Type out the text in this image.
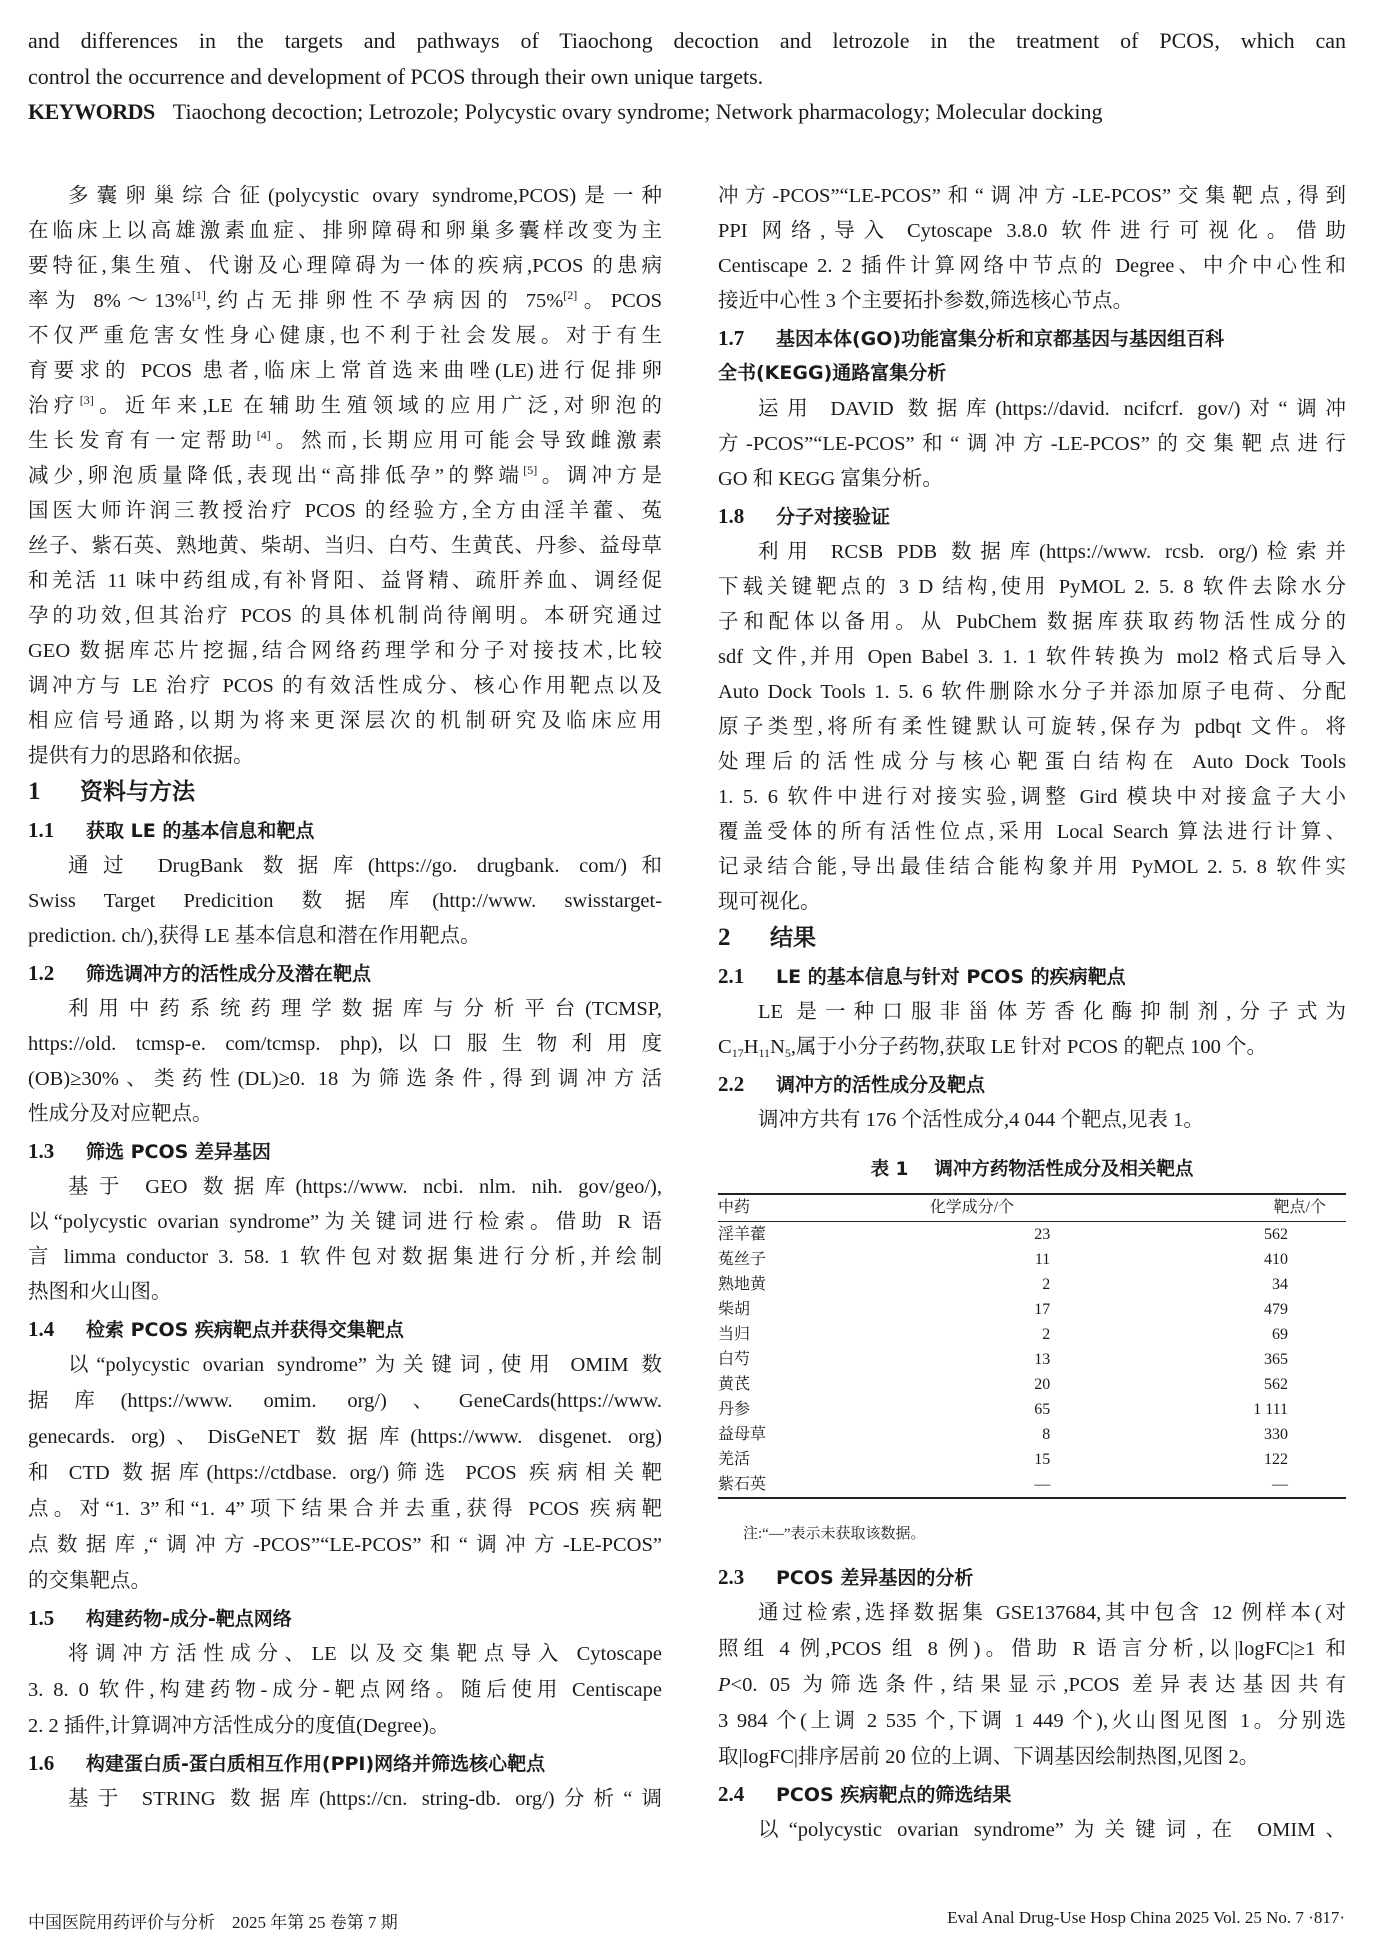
and differences in the targets and pathways of Tiaochong decoction and letrozole in the treatment of PCOS, which can
control the occurrence and development of PCOS through their own unique targets.
KEYWORDS Tiaochong decoction; Letrozole; Polycystic ovary syndrome; Network pharmacology; Molecular docking
多囊卵巢综合征(polycystic ovary syndrome,PCOS)是一种
在临床上以高雄激素血症、排卵障碍和卵巢多囊样改变为主
要特征,集生殖、代谢及心理障碍为一体的疾病,PCOS 的患病
率为 8%～13%[1],约占无排卵性不孕病因的 75%[2]。PCOS
不仅严重危害女性身心健康,也不利于社会发展。对于有生
育要求的 PCOS 患者,临床上常首选来曲唑(LE)进行促排卵
治疗[3]。近年来,LE 在辅助生殖领域的应用广泛,对卵泡的
生长发育有一定帮助[4]。然而,长期应用可能会导致雌激素
减少,卵泡质量降低,表现出“高排低孕”的弊端[5]。调冲方是
国医大师许润三教授治疗 PCOS 的经验方,全方由淫羊藿、菟
丝子、紫石英、熟地黄、柴胡、当归、白芍、生黄芪、丹参、益母草
和羌活 11 味中药组成,有补肾阳、益肾精、疏肝养血、调经促
孕的功效,但其治疗 PCOS 的具体机制尚待阐明。本研究通过
GEO 数据库芯片挖掘,结合网络药理学和分子对接技术,比较
调冲方与 LE 治疗 PCOS 的有效活性成分、核心作用靶点以及
相应信号通路,以期为将来更深层次的机制研究及临床应用
提供有力的思路和依据。
1 资料与方法
1.1 获取 LE 的基本信息和靶点
通过 DrugBank 数据库(https://go. drugbank. com/)和
Swiss Target Predicition 数据库(http://www. swisstarget-
prediction. ch/),获得 LE 基本信息和潜在作用靶点。
1.2 筛选调冲方的活性成分及潜在靶点
利用中药系统药理学数据库与分析平台(TCMSP,
https://old. tcmsp-e. com/tcmsp. php),以口服生物利用度
(OB)≥30%、类药性(DL)≥0. 18 为筛选条件,得到调冲方活
性成分及对应靶点。
1.3 筛选 PCOS 差异基因
基于 GEO 数据库(https://www. ncbi. nlm. nih. gov/geo/),
以“polycystic ovarian syndrome”为关键词进行检索。借助 R 语
言 limma conductor 3. 58. 1 软件包对数据集进行分析,并绘制
热图和火山图。
1.4 检索 PCOS 疾病靶点并获得交集靶点
以“polycystic ovarian syndrome”为关键词,使用 OMIM 数
据库(https://www. omim. org/)、GeneCards(https://www.
genecards. org)、DisGeNET 数据库(https://www. disgenet. org)
和 CTD 数据库(https://ctdbase. org/)筛选 PCOS 疾病相关靶
点。对“1. 3”和“1. 4”项下结果合并去重,获得 PCOS 疾病靶
点数据库,“调冲方-PCOS”“LE-PCOS”和“调冲方-LE-PCOS”
的交集靶点。
1.5 构建药物-成分-靶点网络
将调冲方活性成分、LE 以及交集靶点导入 Cytoscape
3. 8. 0 软件,构建药物-成分-靶点网络。随后使用 Centiscape
2. 2 插件,计算调冲方活性成分的度值(Degree)。
1.6 构建蛋白质-蛋白质相互作用(PPI)网络并筛选核心靶点
基于 STRING 数据库(https://cn. string-db. org/)分析“调
冲方-PCOS”“LE-PCOS”和“调冲方-LE-PCOS”交集靶点,得到
PPI 网络,导入 Cytoscape 3.8.0 软件进行可视化。借助
Centiscape 2. 2 插件计算网络中节点的 Degree、中介中心性和
接近中心性 3 个主要拓扑参数,筛选核心节点。
1.7 基因本体(GO)功能富集分析和京都基因与基因组百科
全书(KEGG)通路富集分析
运用 DAVID 数据库(https://david. ncifcrf. gov/)对“调冲
方-PCOS”“LE-PCOS”和“调冲方-LE-PCOS”的交集靶点进行
GO 和 KEGG 富集分析。
1.8 分子对接验证
利用 RCSB PDB 数据库(https://www. rcsb. org/)检索并
下载关键靶点的 3 D 结构,使用 PyMOL 2. 5. 8 软件去除水分
子和配体以备用。从 PubChem 数据库获取药物活性成分的
sdf 文件,并用 Open Babel 3. 1. 1 软件转换为 mol2 格式后导入
Auto Dock Tools 1. 5. 6 软件删除水分子并添加原子电荷、分配
原子类型,将所有柔性键默认可旋转,保存为 pdbqt 文件。将
处理后的活性成分与核心靶蛋白结构在 Auto Dock Tools
1. 5. 6 软件中进行对接实验,调整 Gird 模块中对接盒子大小
覆盖受体的所有活性位点,采用 Local Search 算法进行计算、
记录结合能,导出最佳结合能构象并用 PyMOL 2. 5. 8 软件实
现可视化。
2 结果
2.1 LE 的基本信息与针对 PCOS 的疾病靶点
LE 是一种口服非甾体芳香化酶抑制剂,分子式为
$C_{17}H_{11}N_5$,属于小分子药物,获取 LE 针对 PCOS 的靶点 100 个。
2.2 调冲方的活性成分及靶点
调冲方共有 176 个活性成分,4 044 个靶点,见表 1。
表 1 调冲方药物活性成分及相关靶点
中药	化学成分/个	靶点/个
淫羊藿	23	562
菟丝子	11	410
熟地黄	2	34
柴胡	17	479
当归	2	69
白芍	13	365
黄芪	20	562
丹参	65	1 111
益母草	8	330
羌活	15	122
紫石英	—	—
注:“—”表示未获取该数据。
2.3 PCOS 差异基因的分析
通过检索,选择数据集 GSE137684,其中包含 12 例样本(对
照组 4 例,PCOS 组 8 例)。借助 R 语言分析,以|logFC|≥1 和
P<0. 05 为筛选条件,结果显示,PCOS 差异表达基因共有
3 984 个(上调 2 535 个,下调 1 449 个),火山图见图 1。分别选
取|logFC|排序居前 20 位的上调、下调基因绘制热图,见图 2。
2.4 PCOS 疾病靶点的筛选结果
以“polycystic ovarian syndrome”为关键词,在 OMIM、
中国医院用药评价与分析　2025 年第 25 卷第 7 期	Eval Anal Drug-Use Hosp China 2025 Vol. 25 No. 7 ·817·
